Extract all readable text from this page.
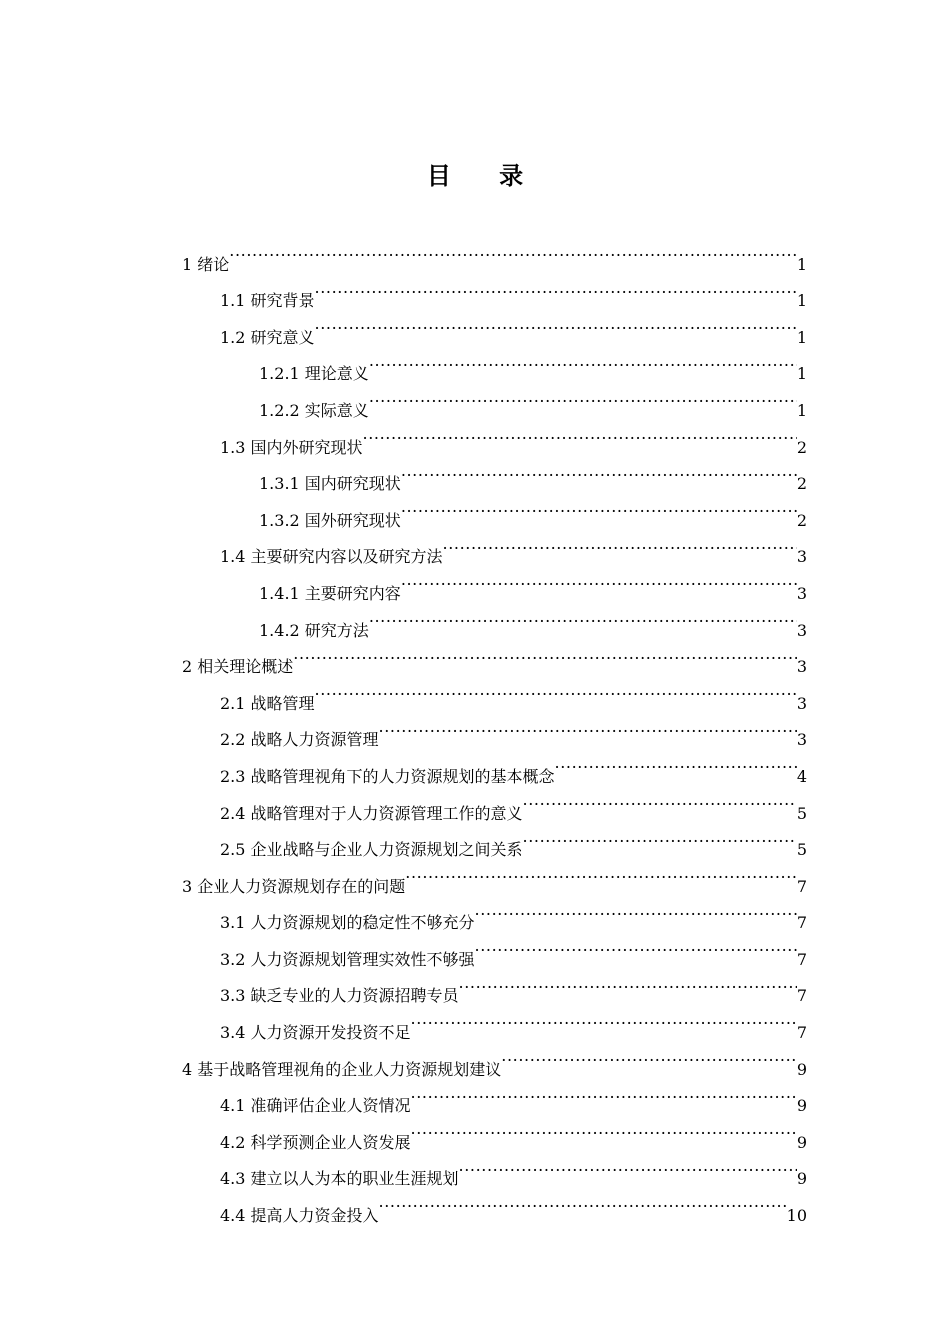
目 录
1 绪论 .....	1
1.1 研究背景 .....	1
1.2 研究意义 .....	1
1.2.1 理论意义 .....	1
1.2.2 实际意义 .....	1
1.3 国内外研究现状 .....	2
1.3.1 国内研究现状 .....	2
1.3.2 国外研究现状 .....	2
1.4 主要研究内容以及研究方法 .....	3
1.4.1 主要研究内容 .....	3
1.4.2 研究方法 .....	3
2 相关理论概述 .....	3
2.1 战略管理 .....	3
2.2 战略人力资源管理 .....	3
2.3 战略管理视角下的人力资源规划的基本概念 .....	4
2.4 战略管理对于人力资源管理工作的意义 .....	5
2.5 企业战略与企业人力资源规划之间关系 .....	5
3 企业人力资源规划存在的问题 .....	7
3.1 人力资源规划的稳定性不够充分 .....	7
3.2 人力资源规划管理实效性不够强 .....	7
3.3 缺乏专业的人力资源招聘专员 .....	7
3.4 人力资源开发投资不足 .....	7
4 基于战略管理视角的企业人力资源规划建议 .....	9
4.1 准确评估企业人资情况 .....	9
4.2 科学预测企业人资发展 .....	9
4.3 建立以人为本的职业生涯规划 .....	9
4.4 提高人力资金投入 .....	10
